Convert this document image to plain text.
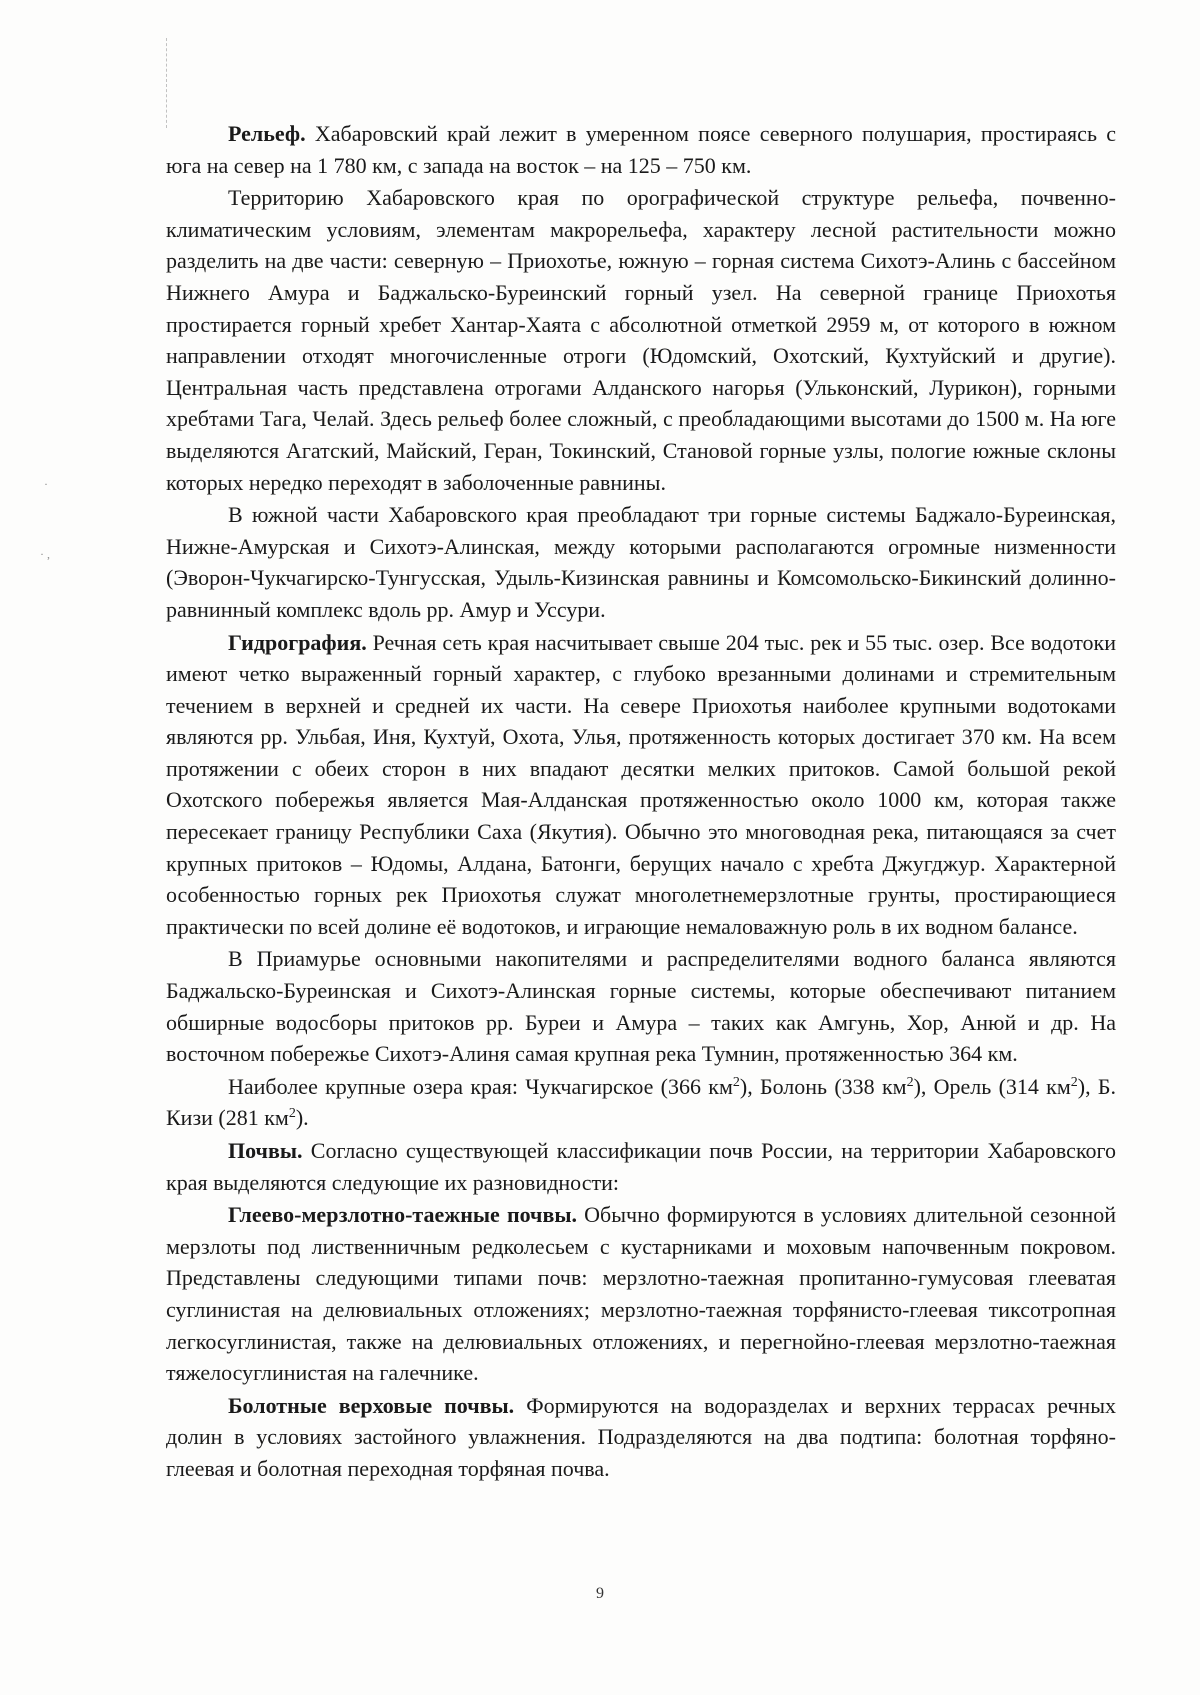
·
· ,

Рельеф. Хабаровский край лежит в умеренном поясе северного полушария, простираясь с юга на север на 1 780 км, с запада на восток – на 125 – 750 км.

Территорию Хабаровского края по орографической структуре рельефа, почвенно-климатическим условиям, элементам макрорельефа, характеру лесной растительности можно разделить на две части: северную – Приохотье, южную – горная система Сихотэ-Алинь с бассейном Нижнего Амура и Баджальско-Буреинский горный узел. На северной границе Приохотья простирается горный хребет Хантар-Хаята с абсолютной отметкой 2959 м, от которого в южном направлении отходят многочисленные отроги (Юдомский, Охотский, Кухтуйский и другие). Центральная часть представлена отрогами Алданского нагорья (Ульконский, Лурикон), горными хребтами Тага, Челай. Здесь рельеф более сложный, с преобладающими высотами до 1500 м. На юге выделяются Агатский, Майский, Геран, Токинский, Становой горные узлы, пологие южные склоны которых нередко переходят в заболоченные равнины.

В южной части Хабаровского края преобладают три горные системы Баджало-Буреинская, Нижне-Амурская и Сихотэ-Алинская, между которыми располагаются огромные низменности (Эворон-Чукчагирско-Тунгусская, Удыль-Кизинская равнины и Комсомольско-Бикинский долинно-равнинный комплекс вдоль рр. Амур и Уссури.

Гидрография. Речная сеть края насчитывает свыше 204 тыс. рек и 55 тыс. озер. Все водотоки имеют четко выраженный горный характер, с глубоко врезанными долинами и стремительным течением в верхней и средней их части. На севере Приохотья наиболее крупными водотоками являются рр. Ульбая, Иня, Кухтуй, Охота, Улья, протяженность которых достигает 370 км. На всем протяжении с обеих сторон в них впадают десятки мелких притоков. Самой большой рекой Охотского побережья является Мая-Алданская протяженностью около 1000 км, которая также пересекает границу Республики Саха (Якутия). Обычно это многоводная река, питающаяся за счет крупных притоков – Юдомы, Алдана, Батонги, берущих начало с хребта Джугджур. Характерной особенностью горных рек Приохотья служат многолетнемерзлотные грунты, простирающиеся практически по всей долине её водотоков, и играющие немаловажную роль в их водном балансе.

В Приамурье основными накопителями и распределителями водного баланса являются Баджальско-Буреинская и Сихотэ-Алинская горные системы, которые обеспечивают питанием обширные водосборы притоков рр. Буреи и Амура – таких как Амгунь, Хор, Анюй и др. На восточном побережье Сихотэ-Алиня самая крупная река Тумнин, протяженностью 364 км.

Наиболее крупные озера края: Чукчагирское (366 $км^2$), Болонь (338 $км^2$), Орель (314 $км^2$), Б. Кизи (281 $км^2$).

Почвы. Согласно существующей классификации почв России, на территории Хабаровского края выделяются следующие их разновидности:

Глеево-мерзлотно-таежные почвы. Обычно формируются в условиях длительной сезонной мерзлоты под лиственничным редколесьем с кустарниками и моховым напочвенным покровом. Представлены следующими типами почв: мерзлотно-таежная пропитанно-гумусовая глееватая суглинистая на делювиальных отложениях; мерзлотно-таежная торфянисто-глеевая тиксотропная легкосуглинистая, также на делювиальных отложениях, и перегнойно-глеевая мерзлотно-таежная тяжелосуглинистая на галечнике.

Болотные верховые почвы. Формируются на водоразделах и верхних террасах речных долин в условиях застойного увлажнения. Подразделяются на два подтипа: болотная торфяно-глеевая и болотная переходная торфяная почва.

9
